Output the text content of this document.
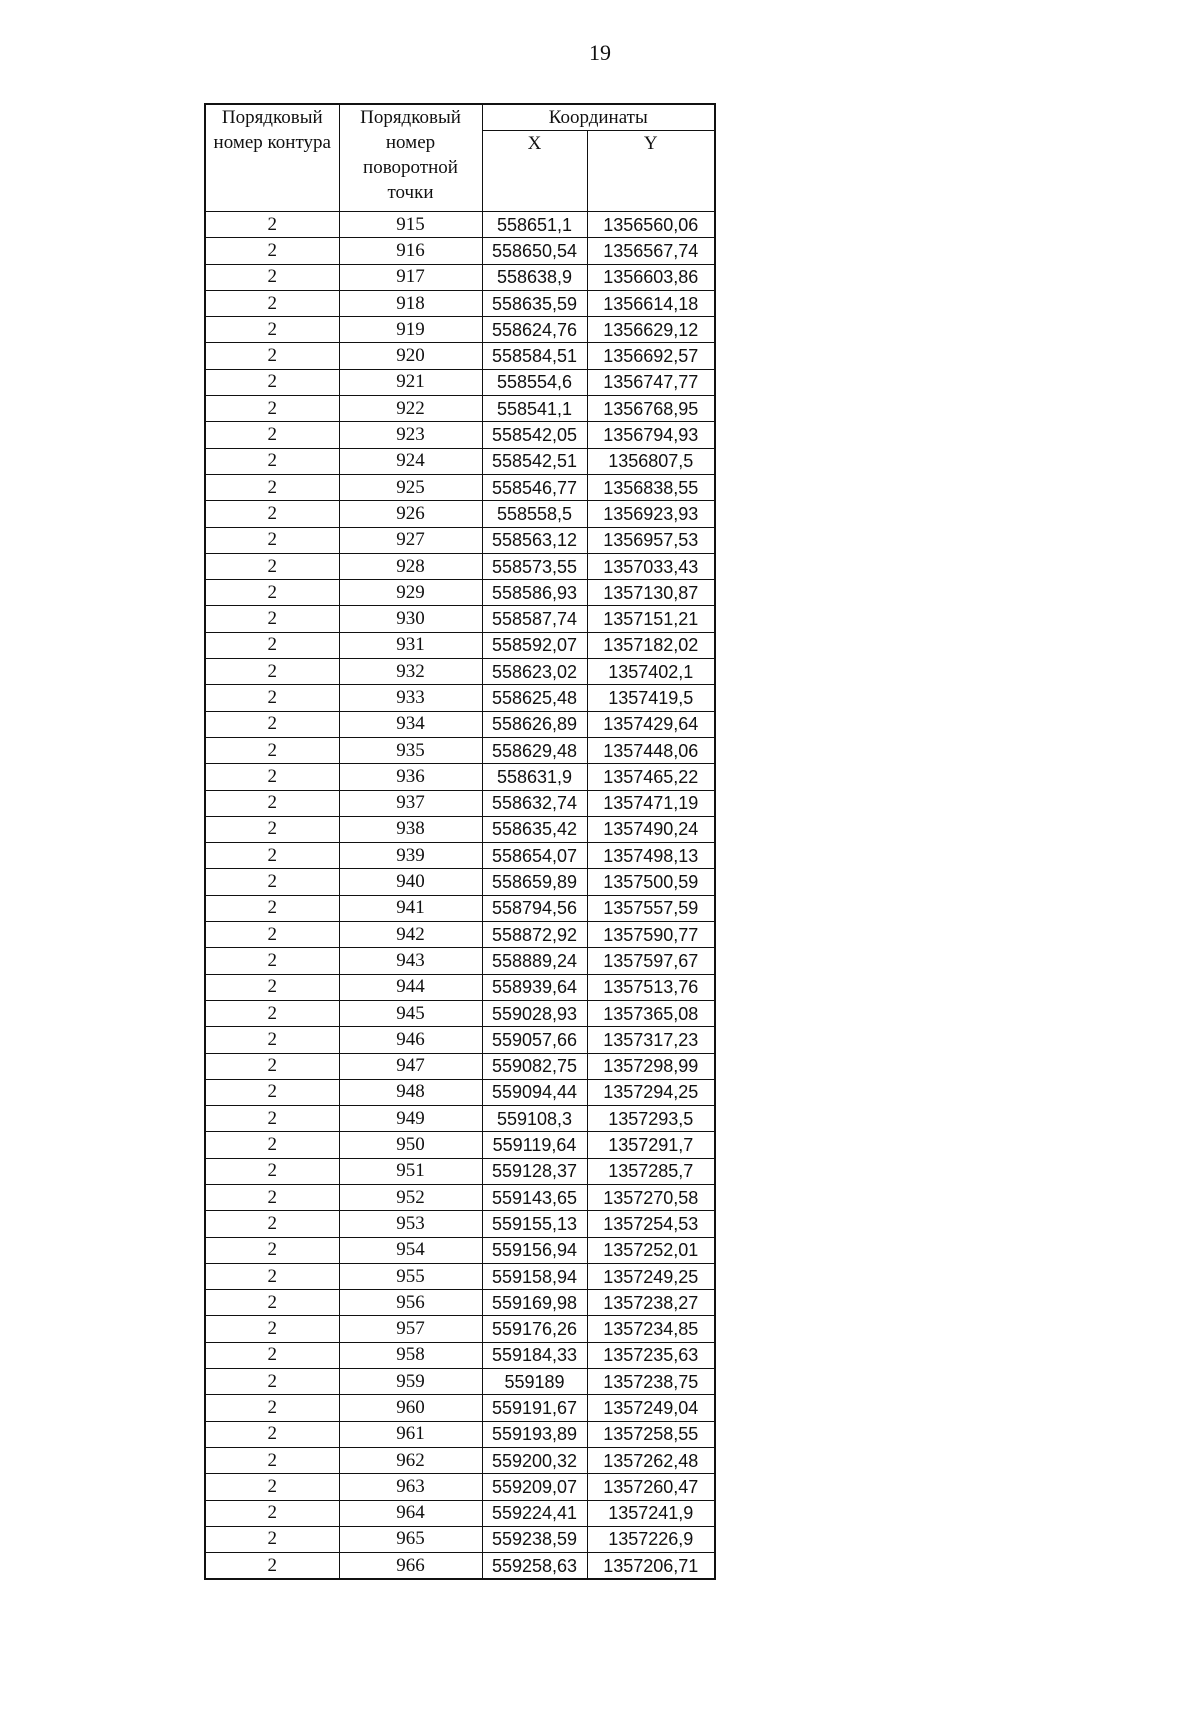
19
Порядковый номер контура	Порядковый номер поворотной точки	Координаты	
		X	Y
2	915	558651,1	1356560,06
2	916	558650,54	1356567,74
2	917	558638,9	1356603,86
2	918	558635,59	1356614,18
2	919	558624,76	1356629,12
2	920	558584,51	1356692,57
2	921	558554,6	1356747,77
2	922	558541,1	1356768,95
2	923	558542,05	1356794,93
2	924	558542,51	1356807,5
2	925	558546,77	1356838,55
2	926	558558,5	1356923,93
2	927	558563,12	1356957,53
2	928	558573,55	1357033,43
2	929	558586,93	1357130,87
2	930	558587,74	1357151,21
2	931	558592,07	1357182,02
2	932	558623,02	1357402,1
2	933	558625,48	1357419,5
2	934	558626,89	1357429,64
2	935	558629,48	1357448,06
2	936	558631,9	1357465,22
2	937	558632,74	1357471,19
2	938	558635,42	1357490,24
2	939	558654,07	1357498,13
2	940	558659,89	1357500,59
2	941	558794,56	1357557,59
2	942	558872,92	1357590,77
2	943	558889,24	1357597,67
2	944	558939,64	1357513,76
2	945	559028,93	1357365,08
2	946	559057,66	1357317,23
2	947	559082,75	1357298,99
2	948	559094,44	1357294,25
2	949	559108,3	1357293,5
2	950	559119,64	1357291,7
2	951	559128,37	1357285,7
2	952	559143,65	1357270,58
2	953	559155,13	1357254,53
2	954	559156,94	1357252,01
2	955	559158,94	1357249,25
2	956	559169,98	1357238,27
2	957	559176,26	1357234,85
2	958	559184,33	1357235,63
2	959	559189	1357238,75
2	960	559191,67	1357249,04
2	961	559193,89	1357258,55
2	962	559200,32	1357262,48
2	963	559209,07	1357260,47
2	964	559224,41	1357241,9
2	965	559238,59	1357226,9
2	966	559258,63	1357206,71
